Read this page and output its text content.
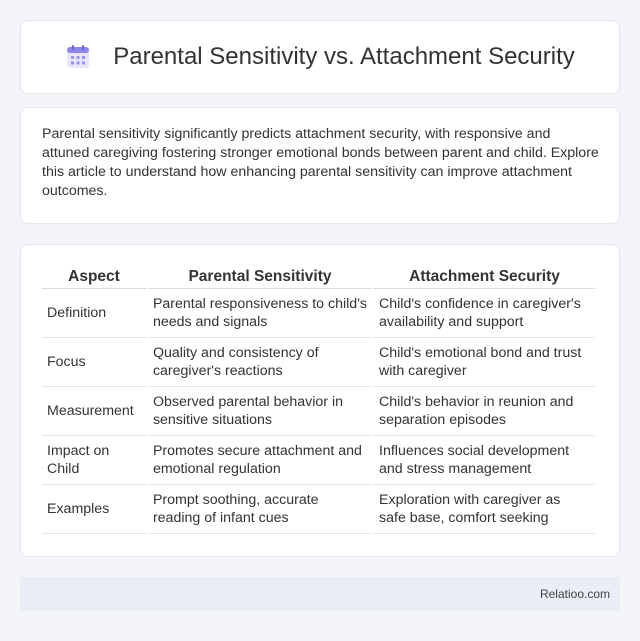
Parental Sensitivity vs. Attachment Security

Parental sensitivity significantly predicts attachment security, with responsive and attuned caregiving fostering stronger emotional bonds between parent and child. Explore this article to understand how enhancing parental sensitivity can improve attachment outcomes.

Aspect	Parental Sensitivity	Attachment Security
Definition	Parental responsiveness to child's needs and signals	Child's confidence in caregiver's availability and support
Focus	Quality and consistency of caregiver's reactions	Child's emotional bond and trust with caregiver
Measurement	Observed parental behavior in sensitive situations	Child's behavior in reunion and separation episodes
Impact on Child	Promotes secure attachment and emotional regulation	Influences social development and stress management
Examples	Prompt soothing, accurate reading of infant cues	Exploration with caregiver as safe base, comfort seeking
Relatioo.com
